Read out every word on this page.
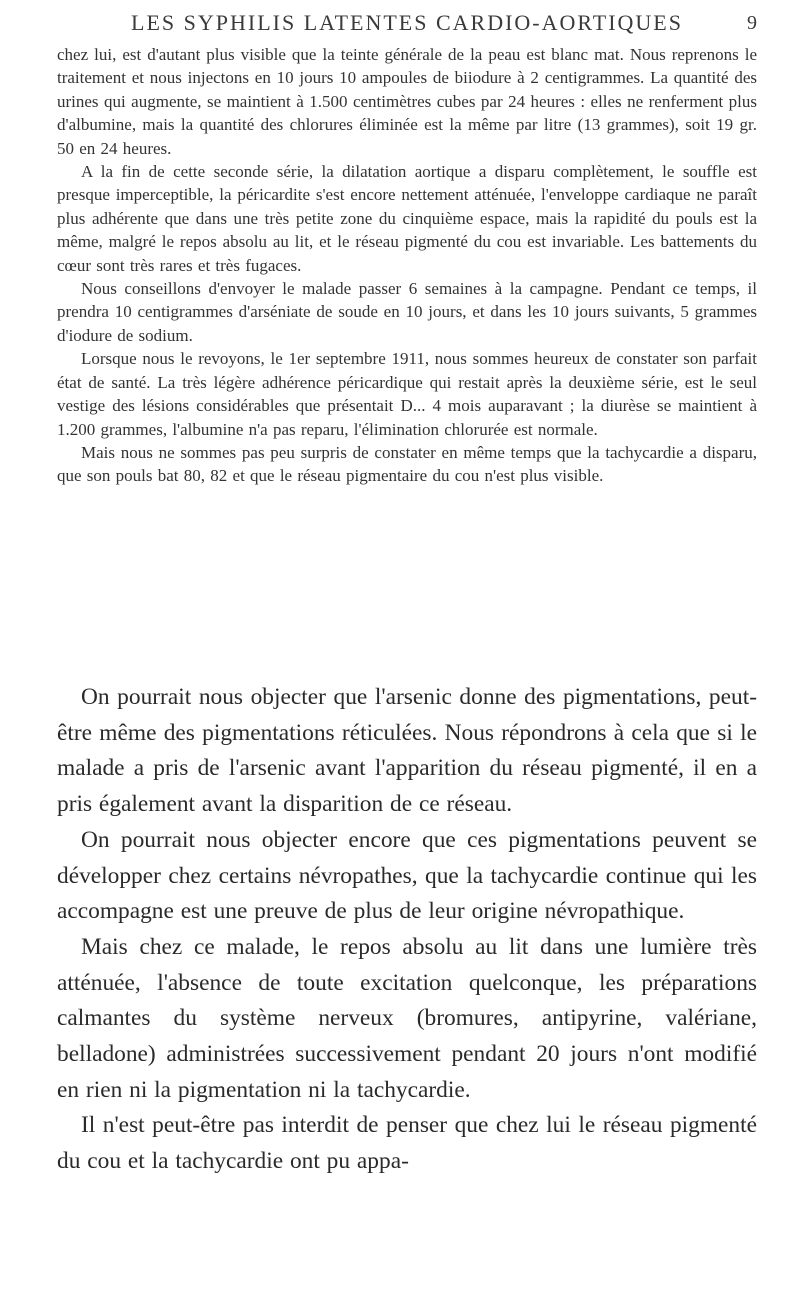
LES SYPHILIS LATENTES CARDIO-AORTIQUES	9

chez lui, est d'autant plus visible que la teinte générale de la peau est blanc mat. Nous reprenons le traitement et nous injectons en 10 jours 10 ampoules de biiodure à 2 centigrammes. La quantité des urines qui augmente, se maintient à 1.500 centimètres cubes par 24 heures : elles ne renferment plus d'albumine, mais la quantité des chlorures éliminée est la même par litre (13 grammes), soit 19 gr. 50 en 24 heures.

A la fin de cette seconde série, la dilatation aortique a disparu complètement, le souffle est presque imperceptible, la péricardite s'est encore nettement atténuée, l'enveloppe cardiaque ne paraît plus adhérente que dans une très petite zone du cinquième espace, mais la rapidité du pouls est la même, malgré le repos absolu au lit, et le réseau pigmenté du cou est invariable. Les battements du cœur sont très rares et très fugaces.

Nous conseillons d'envoyer le malade passer 6 semaines à la campagne. Pendant ce temps, il prendra 10 centigrammes d'arséniate de soude en 10 jours, et dans les 10 jours suivants, 5 grammes d'iodure de sodium.

Lorsque nous le revoyons, le 1er septembre 1911, nous sommes heureux de constater son parfait état de santé. La très légère adhérence péricardique qui restait après la deuxième série, est le seul vestige des lésions considérables que présentait D... 4 mois auparavant ; la diurèse se maintient à 1.200 grammes, l'albumine n'a pas reparu, l'élimination chlorurée est normale.

Mais nous ne sommes pas peu surpris de constater en même temps que la tachycardie a disparu, que son pouls bat 80, 82 et que le réseau pigmentaire du cou n'est plus visible.

On pourrait nous objecter que l'arsenic donne des pigmentations, peut-être même des pigmentations réticulées. Nous répondrons à cela que si le malade a pris de l'arsenic avant l'apparition du réseau pigmenté, il en a pris également avant la disparition de ce réseau.

On pourrait nous objecter encore que ces pigmentations peuvent se développer chez certains névropathes, que la tachycardie continue qui les accompagne est une preuve de plus de leur origine névropathique.

Mais chez ce malade, le repos absolu au lit dans une lumière très atténuée, l'absence de toute excitation quelconque, les préparations calmantes du système nerveux (bromures, antipyrine, valériane, belladone) administrées successivement pendant 20 jours n'ont modifié en rien ni la pigmentation ni la tachycardie.

Il n'est peut-être pas interdit de penser que chez lui le réseau pigmenté du cou et la tachycardie ont pu appa-
